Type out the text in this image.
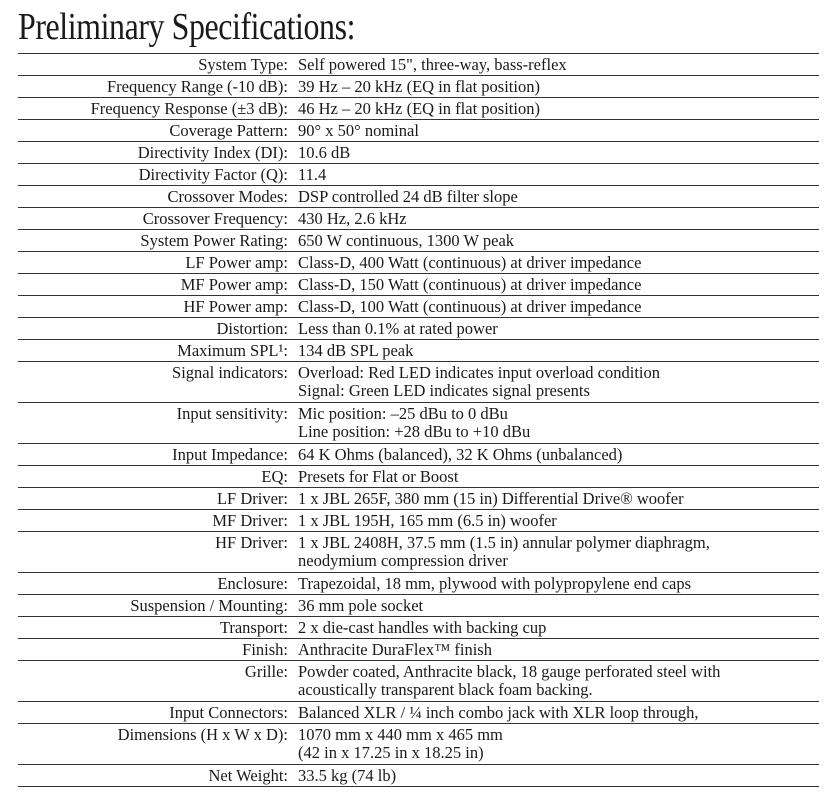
Preliminary Specifications:
System Type:	Self powered 15", three-way, bass-reflex
Frequency Range (-10 dB):	39 Hz – 20 kHz (EQ in flat position)
Frequency Response (±3 dB):	46 Hz – 20 kHz (EQ in flat position)
Coverage Pattern:	90° x 50° nominal
Directivity Index (DI):	10.6 dB
Directivity Factor (Q):	11.4
Crossover Modes:	DSP controlled 24 dB filter slope
Crossover Frequency:	430 Hz, 2.6 kHz
System Power Rating:	650 W continuous, 1300 W peak
LF Power amp:	Class-D, 400 Watt (continuous) at driver impedance
MF Power amp:	Class-D, 150 Watt (continuous) at driver impedance
HF Power amp:	Class-D, 100 Watt (continuous) at driver impedance
Distortion:	Less than 0.1% at rated power
Maximum SPL¹:	134 dB SPL peak
Signal indicators:	Overload: Red LED indicates input overload condition
Signal: Green LED indicates signal presents

Input sensitivity:	Mic position: –25 dBu to 0 dBu
Line position: +28 dBu to +10 dBu

Input Impedance:	64 K Ohms (balanced), 32 K Ohms (unbalanced)
EQ:	Presets for Flat or Boost
LF Driver:	1 x JBL 265F, 380 mm (15 in) Differential Drive® woofer
MF Driver:	1 x JBL 195H, 165 mm (6.5 in) woofer
HF Driver:	1 x JBL 2408H, 37.5 mm (1.5 in) annular polymer diaphragm,
neodymium compression driver

Enclosure:	Trapezoidal, 18 mm, plywood with polypropylene end caps
Suspension / Mounting:	36 mm pole socket
Transport:	2 x die-cast handles with backing cup
Finish:	Anthracite DuraFlex™ finish
Grille:	Powder coated, Anthracite black, 18 gauge perforated steel with
acoustically transparent black foam backing.

Input Connectors:	Balanced XLR / ¼ inch combo jack with XLR loop through,
Dimensions (H x W x D):	1070 mm x 440 mm x 465 mm
(42 in x 17.25 in x 18.25 in)

Net Weight:	33.5 kg (74 lb)
